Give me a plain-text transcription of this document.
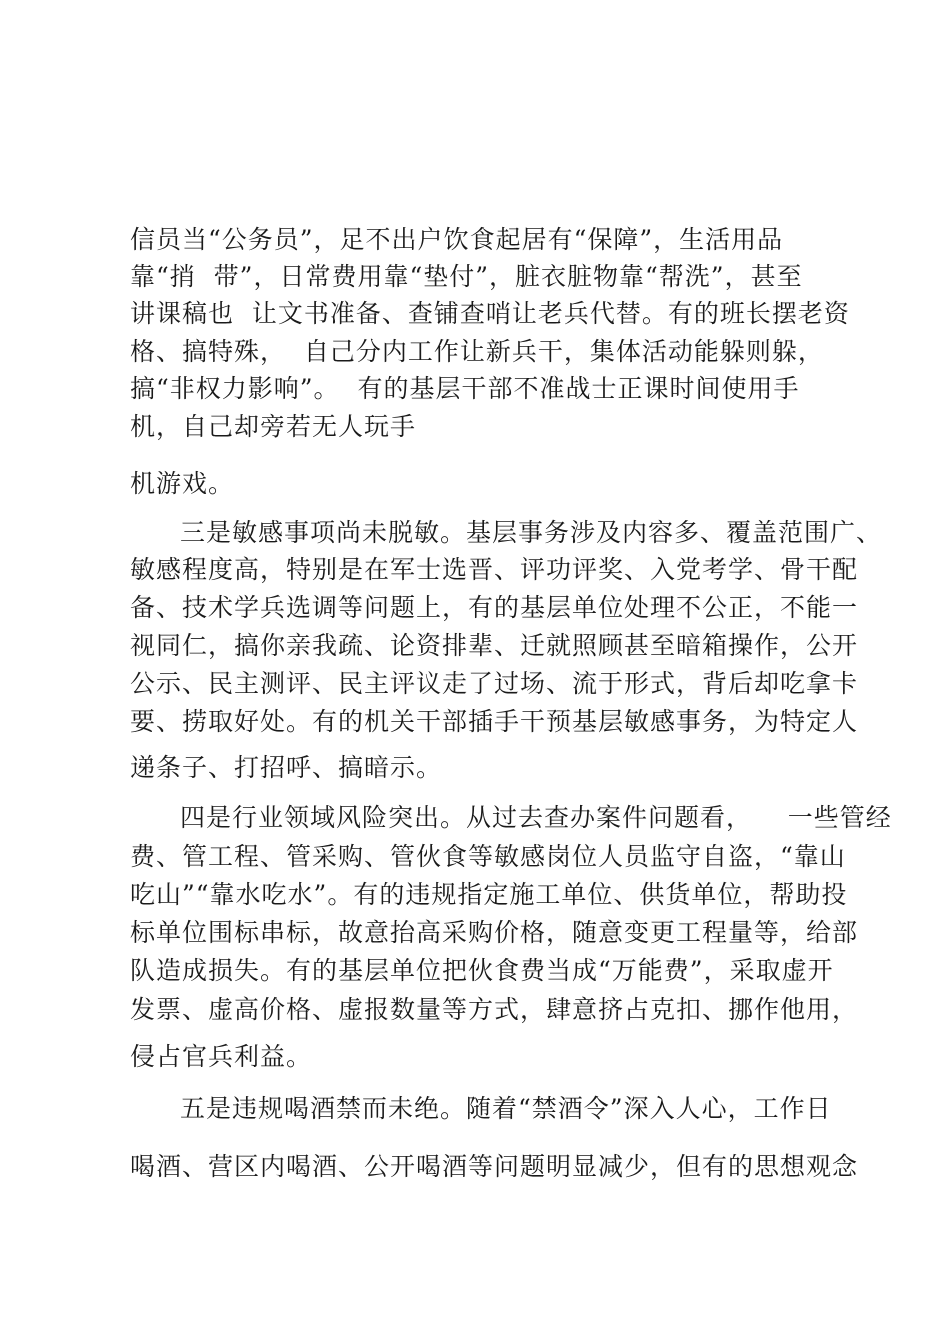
信员当“公务员”，足不出户饮食起居有“保障”，生活用品
靠“捎  带”，日常费用靠“垫付”，脏衣脏物靠“帮洗”，甚至
讲课稿也  让文书准备、查铺查哨让老兵代替。有的班长摆老资
格、搞特殊，  自己分内工作让新兵干，集体活动能躲则躲，
搞“非权力影响”。  有的基层干部不准战士正课时间使用手
机，自己却旁若无人玩手
机游戏。
三是敏感事项尚未脱敏。基层事务涉及内容多、覆盖范围广、
敏感程度高，特别是在军士选晋、评功评奖、入党考学、骨干配
备、技术学兵选调等问题上，有的基层单位处理不公正，不能一
视同仁，搞你亲我疏、论资排辈、迁就照顾甚至暗箱操作，公开
公示、民主测评、民主评议走了过场、流于形式，背后却吃拿卡
要、捞取好处。有的机关干部插手干预基层敏感事务，为特定人
递条子、打招呼、搞暗示。
四是行业领域风险突出。从过去查办案件问题看，    一些管经
费、管工程、管采购、管伙食等敏感岗位人员监守自盗，“靠山
吃山”“靠水吃水”。有的违规指定施工单位、供货单位，帮助投
标单位围标串标，故意抬高采购价格，随意变更工程量等，给部
队造成损失。有的基层单位把伙食费当成“万能费”，采取虚开
发票、虚高价格、虚报数量等方式，肆意挤占克扣、挪作他用，
侵占官兵利益。
五是违规喝酒禁而未绝。随着“禁酒令”深入人心，工作日
喝酒、营区内喝酒、公开喝酒等问题明显减少，但有的思想观念
